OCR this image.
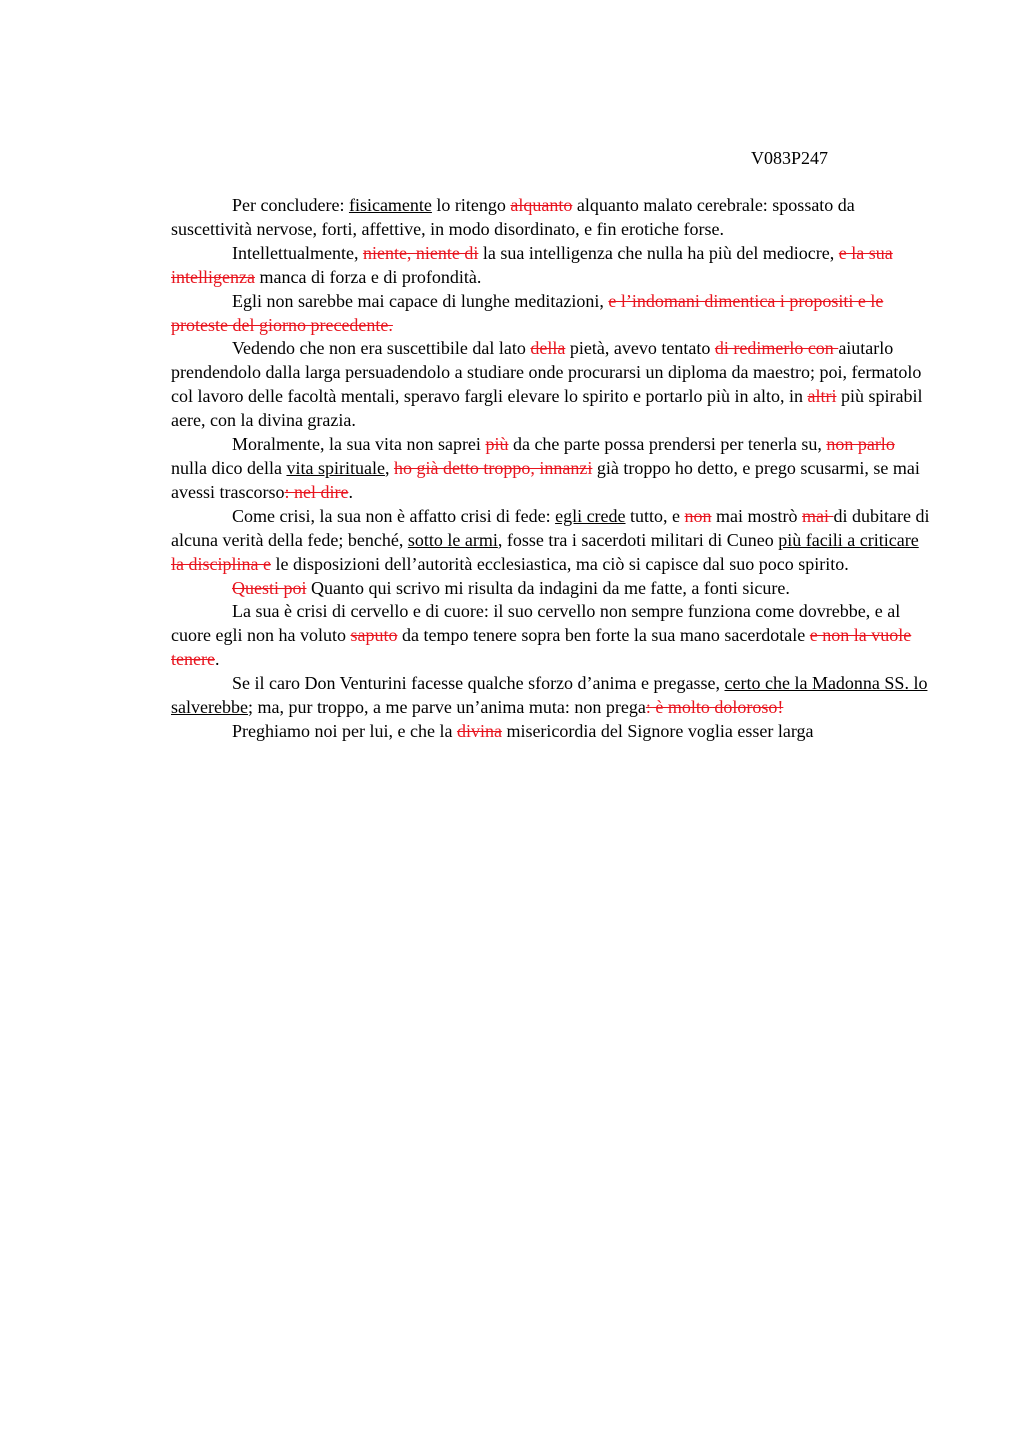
V083P247

Per concludere: fisicamente lo ritengo alquanto alquanto malato cerebrale: spossato da suscettività nervose, forti, affettive, in modo disordinato, e fin erotiche forse.

Intellettualmente, niente, niente di la sua intelligenza che nulla ha più del mediocre, e la sua intelligenza manca di forza e di profondità.

Egli non sarebbe mai capace di lunghe meditazioni, e l’indomani dimentica i propositi e le proteste del giorno precedente.

Vedendo che non era suscettibile dal lato della pietà, avevo tentato di redimerlo con aiutarlo prendendolo dalla larga persuadendolo a studiare onde procurarsi un diploma da maestro; poi, fermatolo col lavoro delle facoltà mentali, speravo fargli elevare lo spirito e portarlo più in alto, in altri più spirabil aere, con la divina grazia.

Moralmente, la sua vita non saprei più da che parte possa prendersi per tenerla su, non parlo nulla dico della vita spirituale, ho già detto troppo, innanzi già troppo ho detto, e prego scusarmi, se mai avessi trascorso: nel dire.

Come crisi, la sua non è affatto crisi di fede: egli crede tutto, e non mai mostrò mai di dubitare di alcuna verità della fede; benché, sotto le armi, fosse tra i sacerdoti militari di Cuneo più facili a criticare la disciplina e le disposizioni dell’autorità ecclesiastica, ma ciò si capisce dal suo poco spirito.

Questi poi Quanto qui scrivo mi risulta da indagini da me fatte, a fonti sicure.

La sua è crisi di cervello e di cuore: il suo cervello non sempre funziona come dovrebbe, e al cuore egli non ha voluto saputo da tempo tenere sopra ben forte la sua mano sacerdotale e non la vuole tenere.

Se il caro Don Venturini facesse qualche sforzo d’anima e pregasse, certo che la Madonna SS. lo salverebbe; ma, pur troppo, a me parve un’anima muta: non prega: è molto doloroso!

Preghiamo noi per lui, e che la divina misericordia del Signore voglia esser larga
